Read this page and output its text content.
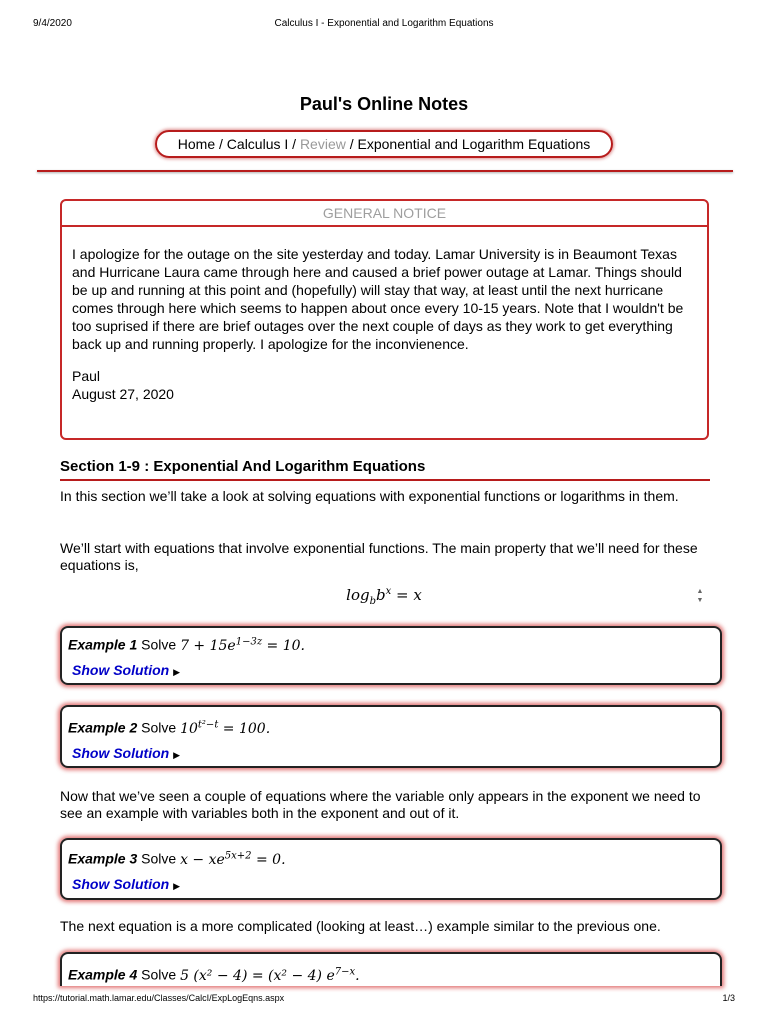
9/4/2020	Calculus I - Exponential and Logarithm Equations
Paul's Online Notes
Home / Calculus I / Review / Exponential and Logarithm Equations
GENERAL NOTICE

I apologize for the outage on the site yesterday and today. Lamar University is in Beaumont Texas and Hurricane Laura came through here and caused a brief power outage at Lamar. Things should be up and running at this point and (hopefully) will stay that way, at least until the next hurricane comes through here which seems to happen about once every 10-15 years. Note that I wouldn't be too suprised if there are brief outages over the next couple of days as they work to get everything back up and running properly. I apologize for the inconvienence.

Paul
August 27, 2020

Section 1-9 : Exponential And Logarithm Equations

In this section we’ll take a look at solving equations with exponential functions or logarithms in them.

We’ll start with equations that involve exponential functions. The main property that we’ll need for these equations is,

$\log_bb^x = x$	▲
▼
Example 1 Solve $7 + 15e^{1-3z} = 10$.
Show Solution ▶
Example 2 Solve $10^{t^2-t} = 100$.
Show Solution ▶

Now that we’ve seen a couple of equations where the variable only appears in the exponent we need to see an example with variables both in the exponent and out of it.

Example 3 Solve $x - xe^{5x+2} = 0$.
Show Solution ▶

The next equation is a more complicated (looking at least…) example similar to the previous one.

Example 4 Solve 5 (x² − 4) = (x² − 4) $e^{7-x}$.
https://tutorial.math.lamar.edu/Classes/CalcI/ExpLogEqns.aspx	1/3
